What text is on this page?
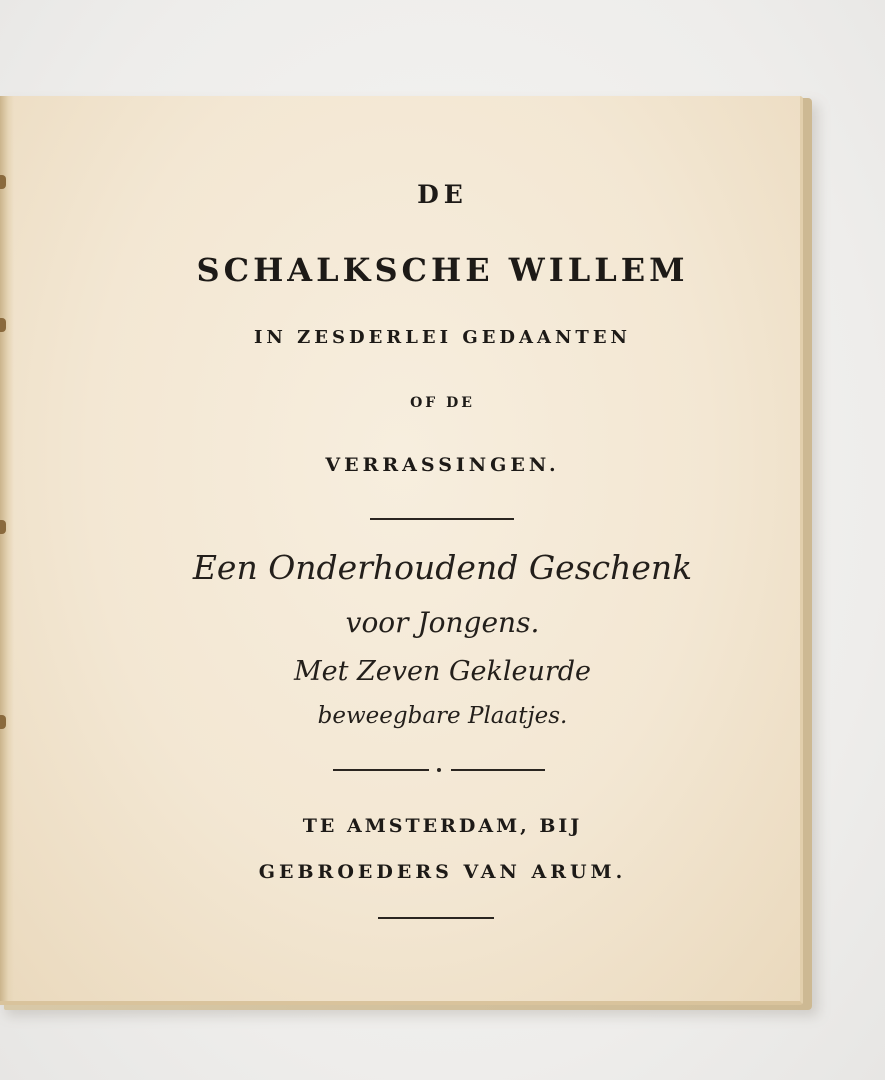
DE
SCHALKSCHE WILLEM
IN ZESDERLEI GEDAANTEN
OF DE
VERRASSINGEN.
Een Onderhoudend Geschenk
voor Jongens.
Met Zeven Gekleurde
beweegbare Plaatjes.
TE AMSTERDAM, BIJ
GEBROEDERS VAN ARUM.
